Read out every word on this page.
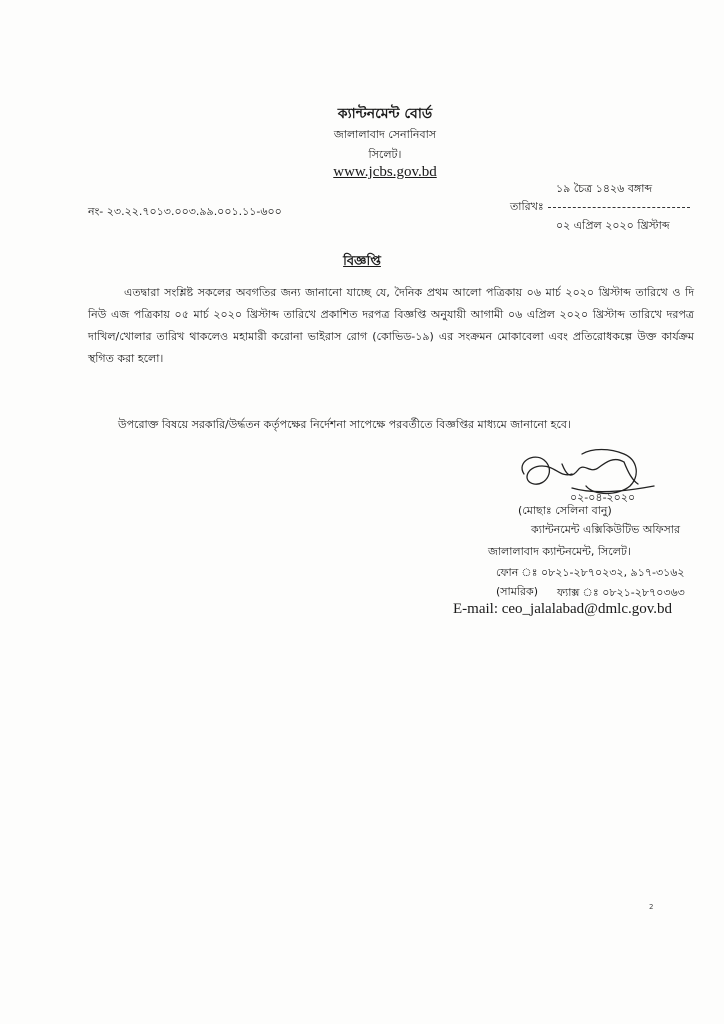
ক্যান্টনমেন্ট বোর্ড
জালালাবাদ সেনানিবাস
সিলেট।
www.jcbs.gov.bd
নং- ২৩.২২.৭০১৩.০০৩.৯৯.০০১.১১-৬০০
১৯ চৈত্র ১৪২৬ বঙ্গাব্দ
তারিখঃ
০২ এপ্রিল ২০২০ খ্রিস্টাব্দ
বিজ্ঞপ্তি

এতদ্বারা সংশ্লিষ্ট সকলের অবগতির জন্য জানানো যাচ্ছে যে, দৈনিক প্রথম আলো পত্রিকায় ০৬ মার্চ ২০২০ খ্রিস্টাব্দ তারিখে ও দি নিউ এজ পত্রিকায় ০৫ মার্চ ২০২০ খ্রিস্টাব্দ তারিখে প্রকাশিত দরপত্র বিজ্ঞপ্তি অনুযায়ী আগামী ০৬ এপ্রিল ২০২০ খ্রিস্টাব্দ তারিখে দরপত্র দাখিল/খোলার তারিখ থাকলেও মহামারী করোনা ভাইরাস রোগ (কোভিড-১৯) এর সংক্রমন মোকাবেলা এবং প্রতিরোধকল্পে উক্ত কার্যক্রম স্থগিত করা হলো।

উপরোক্ত বিষয়ে সরকারি/উর্দ্ধতন কর্তৃপক্ষের নির্দেশনা সাপেক্ষে পরবর্তীতে বিজ্ঞপ্তির মাধ্যমে জানানো হবে।

০২-০৪-২০২০
(মোছাঃ সেলিনা বানু)
ক্যান্টনমেন্ট এক্সিকিউটিভ অফিসার
জালালাবাদ ক্যান্টনমেন্ট, সিলেট।
ফোন ঃ ০৮২১-২৮৭০২৩২, ৯১৭-৩১৬২ (সামরিক)	ফ্যাক্স ঃ ০৮২১-২৮৭০৩৬৩
E-mail: ceo_jalalabad@dmlc.gov.bd
2
